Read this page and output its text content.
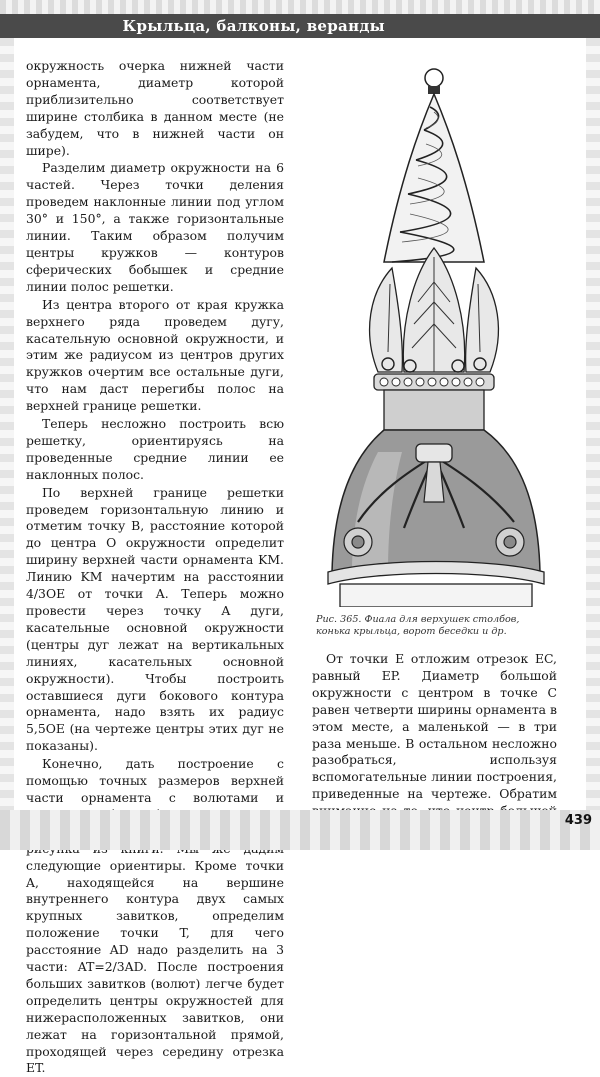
Крыльца, балконы, веранды

окружность очерка нижней части орнамента, диаметр которой приблизительно соответствует ширине столбика в данном месте (не забудем, что в нижней части он шире).

Разделим диаметр окружности на 6 частей. Через точки деления проведем наклонные линии под углом 30° и 150°, а также горизонтальные линии. Таким образом получим центры кружков — контуров сферических бобышек и средние линии полос решетки.

Из центра второго от края кружка верхнего ряда проведем дугу, касательную основной окружности, и этим же радиусом из центров других кружков очертим все остальные дуги, что нам даст перегибы полос на верхней границе решетки.

Теперь несложно построить всю решетку, ориентируясь на проведенные средние линии ее наклонных полос.

По верхней границе решетки проведем горизонтальную линию и отметим точку B, расстояние которой до центра O окружности определит ширину верхней части орнамента KM. Линию KM начертим на расстоянии 4/3OE от точки A. Теперь можно провести через точку A дуги, касательные основной окружности (центры дуг лежат на вертикальных линиях, касательных основной окружности). Чтобы построить оставшиеся дуги бокового контура орнамента, надо взять их радиус 5,5OE (на чертеже центры этих дуг не показаны).

Конечно, дать построение с помощью точных размеров верхней части орнамента с волютами и следующие ориентиры. Кроме точки A, находящейся на вершине внутреннего контура двух самых крупных завитков, определим положение точки T, для чего расстояние AD надо разделить на 3 части: AT=2/3AD. После построения больших завитков (волют) легче будет определить центры окружностей для нижерасположенных завитков, они лежат на горизонтальной прямой, проходящей через середину отрезка ET.

Рис. 365. Фиала для верхушек столбов, конька крыльца, ворот беседки и др.

От точки E отложим отрезок EC, равный EP. Диаметр большой окружности с центром в точке C равен четверти ширины орнамента в этом месте, а маленькой — в три раза меньше. В остальном несложно разобраться, используя вспомогательные линии построения, приведенные на чертеже. Обратим

439
